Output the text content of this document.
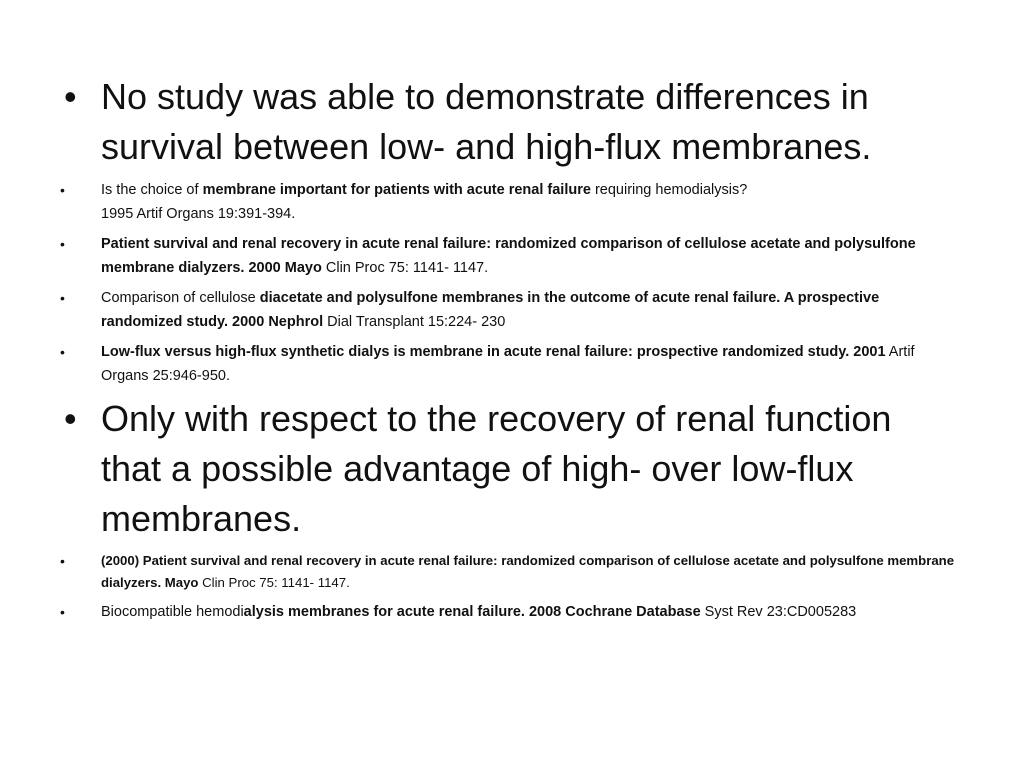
• No study was able to demonstrate differences in survival between low- and high-flux membranes.
• Is the choice of membrane important for patients with acute renal failure requiring hemodialysis?
1995 Artif Organs 19:391-394.
• Patient survival and renal recovery in acute renal failure: randomized comparison of cellulose acetate and polysulfone membrane dialyzers. 2000 Mayo Clin Proc 75: 1141- 1147.
• Comparison of cellulose diacetate and polysulfone membranes in the outcome of acute renal failure. A prospective randomized study. 2000 Nephrol Dial Transplant 15:224- 230
• Low-flux versus high-flux synthetic dialys is membrane in acute renal failure: prospective randomized study. 2001 Artif Organs 25:946-950.
• Only with respect to the recovery of renal function that a possible advantage of high- over low-flux membranes.
•	(2000) Patient survival and renal recovery in acute renal failure: randomized comparison of cellulose acetate and polysulfone membrane dialyzers. Mayo Clin Proc 75: 1141- 1147.
• Biocompatible hemodialysis membranes for acute renal failure. 2008 Cochrane Database Syst Rev 23:CD005283
